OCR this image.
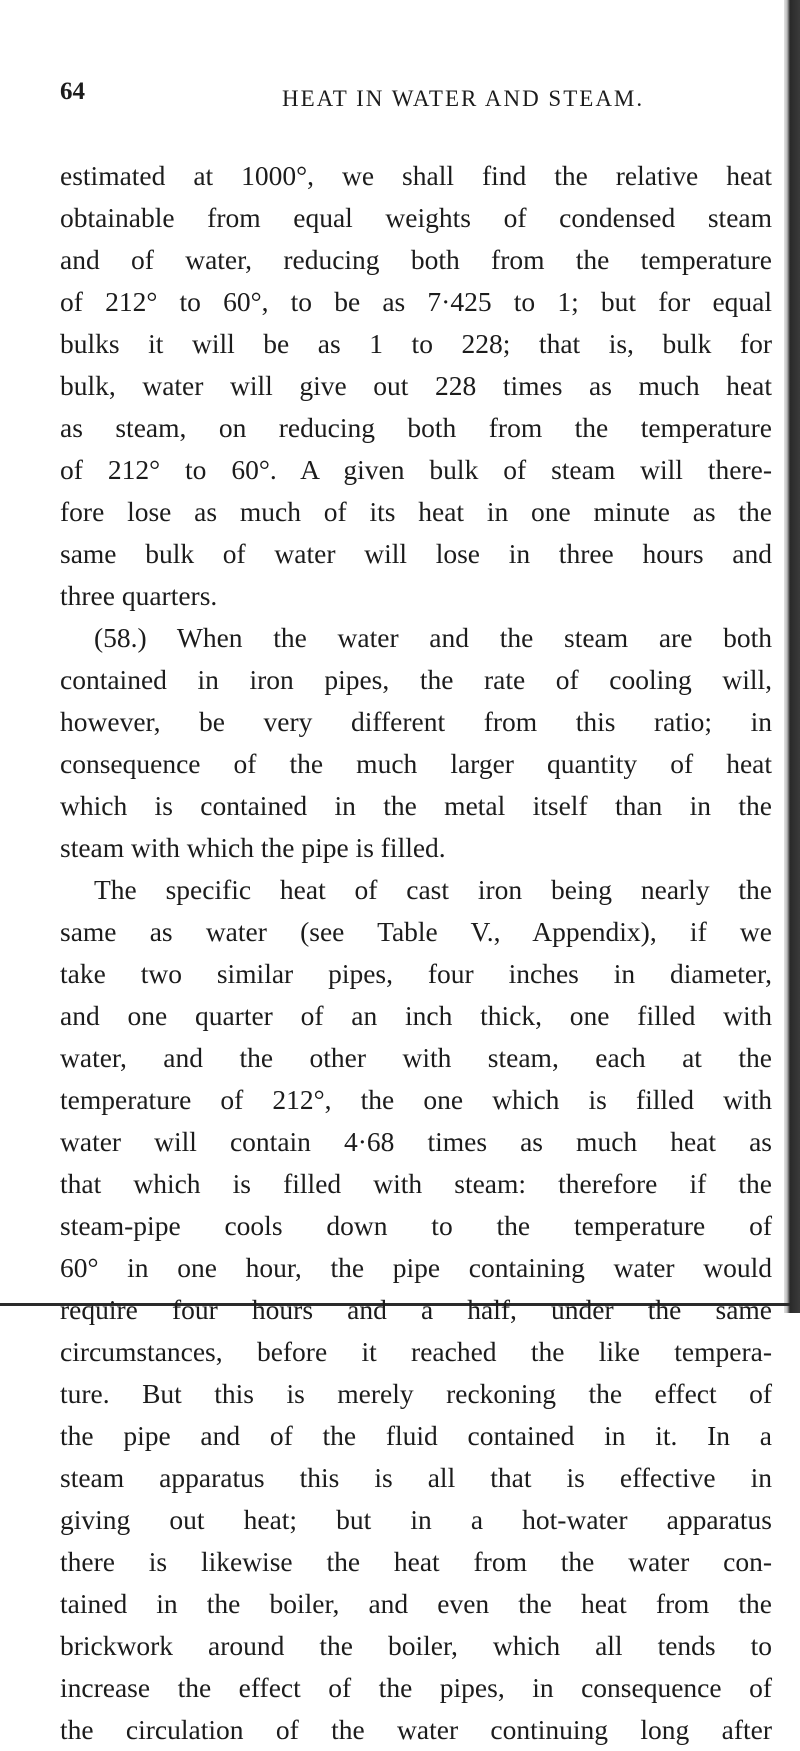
64	HEAT IN WATER AND STEAM.
estimated at 1000°, we shall find the relative heat
obtainable from equal weights of condensed steam
and of water, reducing both from the temperature
of 212° to 60°, to be as 7·425 to 1; but for equal
bulks it will be as 1 to 228; that is, bulk for
bulk, water will give out 228 times as much heat
as steam, on reducing both from the temperature
of 212° to 60°. A given bulk of steam will there-
fore lose as much of its heat in one minute as the
same bulk of water will lose in three hours and
three quarters.
(58.) When the water and the steam are both
contained in iron pipes, the rate of cooling will,
however, be very different from this ratio; in
consequence of the much larger quantity of heat
which is contained in the metal itself than in the
steam with which the pipe is filled.
The specific heat of cast iron being nearly the
same as water (see Table V., Appendix), if we
take two similar pipes, four inches in diameter,
and one quarter of an inch thick, one filled with
water, and the other with steam, each at the
temperature of 212°, the one which is filled with
water will contain 4·68 times as much heat as
that which is filled with steam: therefore if the
steam-pipe cools down to the temperature of
60° in one hour, the pipe containing water would
require four hours and a half, under the same
circumstances, before it reached the like tempera-
ture. But this is merely reckoning the effect of
the pipe and of the fluid contained in it. In a
steam apparatus this is all that is effective in
giving out heat; but in a hot-water apparatus
there is likewise the heat from the water con-
tained in the boiler, and even the heat from the
brickwork around the boiler, which all tends to
increase the effect of the pipes, in consequence of
the circulation of the water continuing long after
